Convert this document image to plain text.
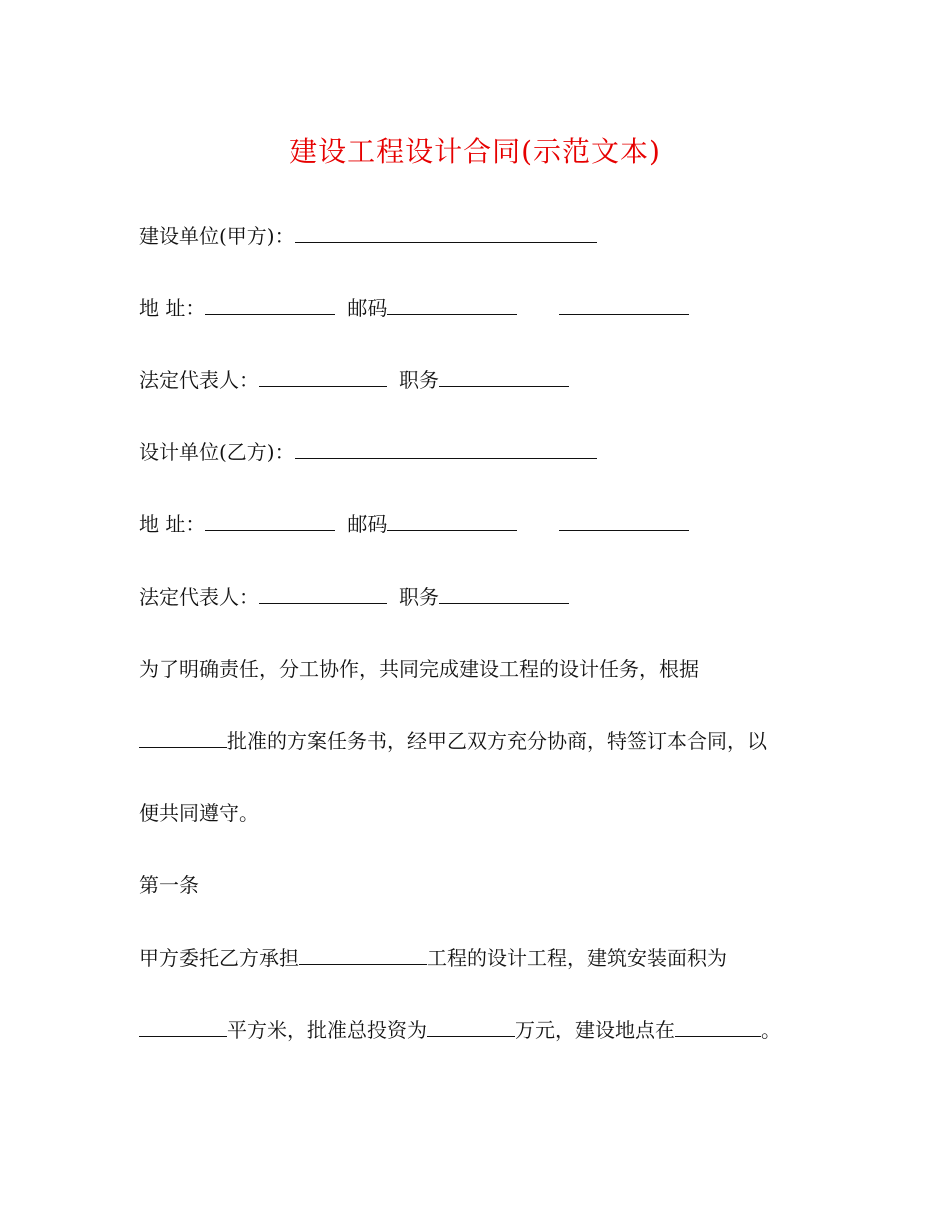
建设工程设计合同(示范文本)
建设单位(甲方)：
地 址：	邮码
法定代表人：	职务
设计单位(乙方)：
地 址：	邮码
法定代表人：	职务
为了明确责任，分工协作，共同完成建设工程的设计任务，根据
批准的方案任务书，经甲乙双方充分协商，特签订本合同，以
便共同遵守。
第一条
甲方委托乙方承担	工程的设计工程，建筑安装面积为
平方米，批准总投资为	万元，建设地点在	。
